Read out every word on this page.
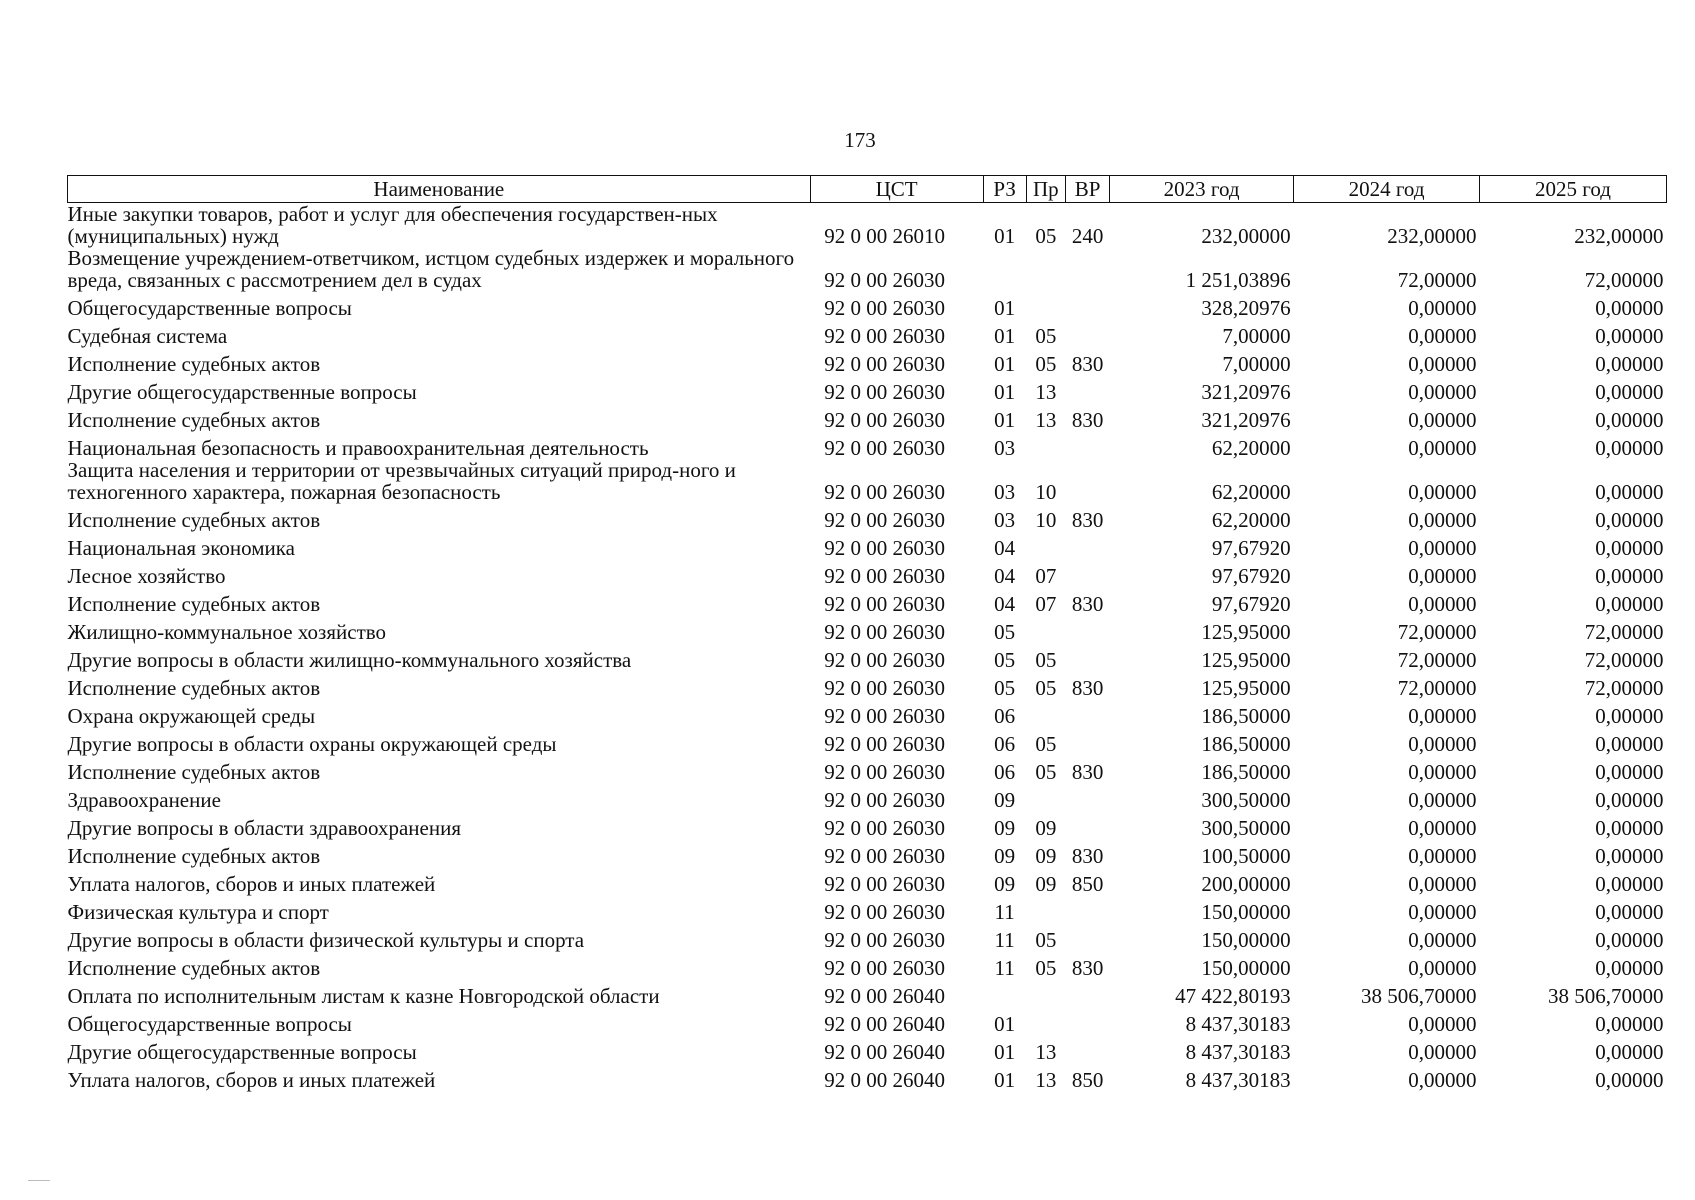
173
Наименование	ЦСТ	РЗ	Пр	ВР	2023 год	2024 год	2025 год
Иные закупки товаров, работ и услуг для обеспечения государствен-ных (муниципальных) нужд	92 0 00 26010	01	05	240	232,00000	232,00000	232,00000
Возмещение учреждением-ответчиком, истцом судебных издержек и морального вреда, связанных с рассмотрением дел в судах	92 0 00 26030				1 251,03896	72,00000	72,00000
Общегосударственные вопросы	92 0 00 26030	01			328,20976	0,00000	0,00000
Судебная система	92 0 00 26030	01	05		7,00000	0,00000	0,00000
Исполнение судебных актов	92 0 00 26030	01	05	830	7,00000	0,00000	0,00000
Другие общегосударственные вопросы	92 0 00 26030	01	13		321,20976	0,00000	0,00000
Исполнение судебных актов	92 0 00 26030	01	13	830	321,20976	0,00000	0,00000
Национальная безопасность и правоохранительная деятельность	92 0 00 26030	03			62,20000	0,00000	0,00000
Защита населения и территории от чрезвычайных ситуаций природ-ного и техногенного характера, пожарная безопасность	92 0 00 26030	03	10		62,20000	0,00000	0,00000
Исполнение судебных актов	92 0 00 26030	03	10	830	62,20000	0,00000	0,00000
Национальная экономика	92 0 00 26030	04			97,67920	0,00000	0,00000
Лесное хозяйство	92 0 00 26030	04	07		97,67920	0,00000	0,00000
Исполнение судебных актов	92 0 00 26030	04	07	830	97,67920	0,00000	0,00000
Жилищно-коммунальное хозяйство	92 0 00 26030	05			125,95000	72,00000	72,00000
Другие вопросы в области жилищно-коммунального хозяйства	92 0 00 26030	05	05		125,95000	72,00000	72,00000
Исполнение судебных актов	92 0 00 26030	05	05	830	125,95000	72,00000	72,00000
Охрана окружающей среды	92 0 00 26030	06			186,50000	0,00000	0,00000
Другие вопросы в области охраны окружающей среды	92 0 00 26030	06	05		186,50000	0,00000	0,00000
Исполнение судебных актов	92 0 00 26030	06	05	830	186,50000	0,00000	0,00000
Здравоохранение	92 0 00 26030	09			300,50000	0,00000	0,00000
Другие вопросы в области здравоохранения	92 0 00 26030	09	09		300,50000	0,00000	0,00000
Исполнение судебных актов	92 0 00 26030	09	09	830	100,50000	0,00000	0,00000
Уплата налогов, сборов и иных платежей	92 0 00 26030	09	09	850	200,00000	0,00000	0,00000
Физическая культура и спорт	92 0 00 26030	11			150,00000	0,00000	0,00000
Другие вопросы в области физической культуры и спорта	92 0 00 26030	11	05		150,00000	0,00000	0,00000
Исполнение судебных актов	92 0 00 26030	11	05	830	150,00000	0,00000	0,00000
Оплата по исполнительным листам к казне Новгородской области	92 0 00 26040				47 422,80193	38 506,70000	38 506,70000
Общегосударственные вопросы	92 0 00 26040	01			8 437,30183	0,00000	0,00000
Другие общегосударственные вопросы	92 0 00 26040	01	13		8 437,30183	0,00000	0,00000
Уплата налогов, сборов и иных платежей	92 0 00 26040	01	13	850	8 437,30183	0,00000	0,00000
